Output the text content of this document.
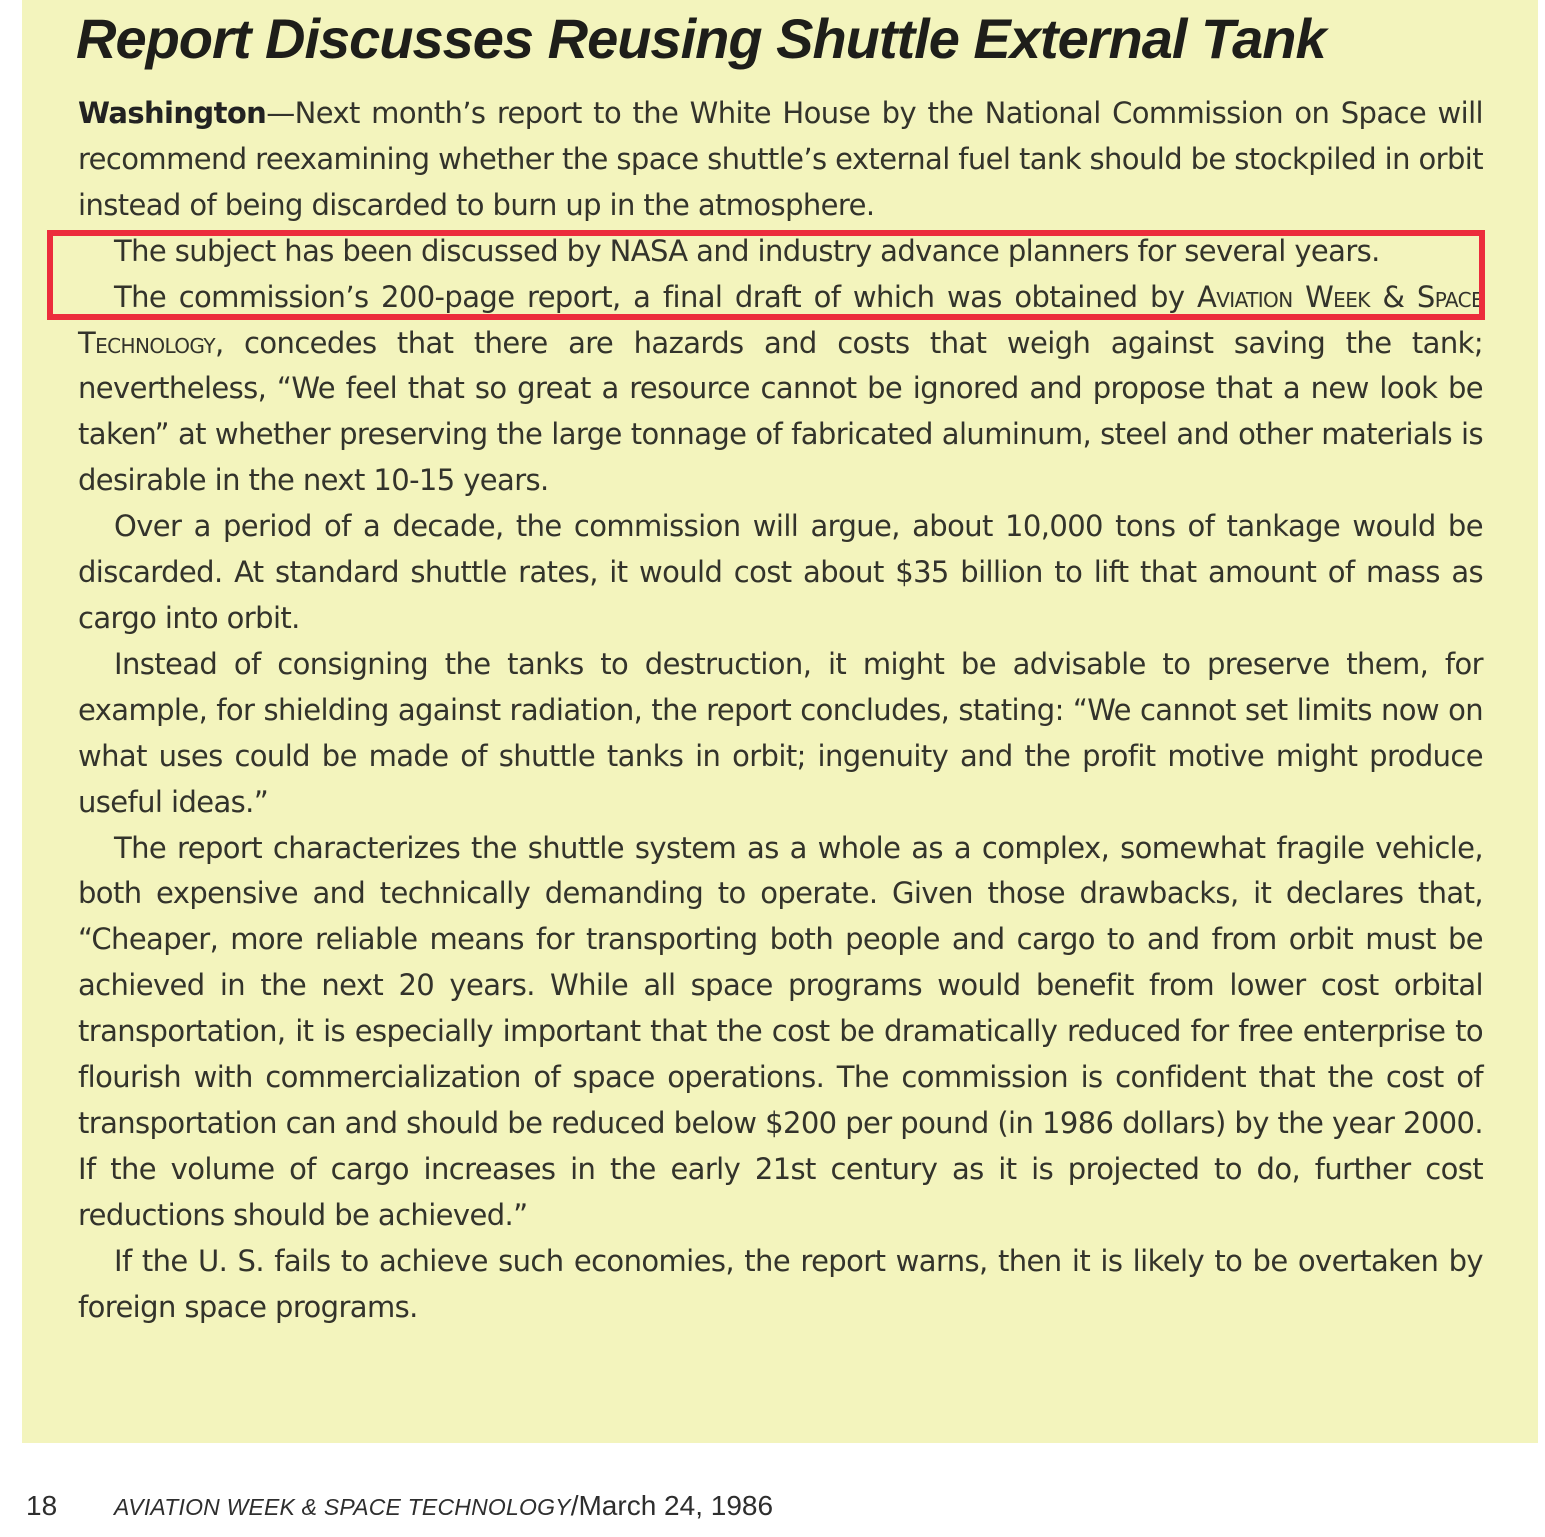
Report Discusses Reusing Shuttle External Tank

Washington—Next month’s report to the White House by the National Commission on Space will recommend reexamining whether the space shuttle’s external fuel tank should be stockpiled in orbit instead of being discarded to burn up in the atmosphere.

The subject has been discussed by NASA and industry advance planners for several years.

The commission’s 200-page report, a final draft of which was obtained by Aviation Week & Space Technology, concedes that there are hazards and costs that weigh against saving the tank; nevertheless, “We feel that so great a resource cannot be ignored and propose that a new look be taken” at whether preserving the large tonnage of fabricated aluminum, steel and other materials is desirable in the next 10-15 years.

Over a period of a decade, the commission will argue, about 10,000 tons of tankage would be discarded. At standard shuttle rates, it would cost about $35 billion to lift that amount of mass as cargo into orbit.

Instead of consigning the tanks to destruction, it might be advisable to preserve them, for example, for shielding against radiation, the report concludes, stating: “We cannot set limits now on what uses could be made of shuttle tanks in orbit; ingenuity and the profit motive might produce useful ideas.”

The report characterizes the shuttle system as a whole as a complex, somewhat fragile vehicle, both expensive and technically demanding to operate. Given those drawbacks, it declares that, “Cheaper, more reliable means for transporting both people and cargo to and from orbit must be achieved in the next 20 years. While all space programs would benefit from lower cost orbital transportation, it is especially important that the cost be dramatically reduced for free enterprise to flourish with commercialization of space operations. The commission is confident that the cost of transportation can and should be reduced below $200 per pound (in 1986 dollars) by the year 2000. If the volume of cargo increases in the early 21st century as it is projected to do, further cost reductions should be achieved.”

If the U. S. fails to achieve such economies, the report warns, then it is likely to be overtaken by foreign space programs.

18 AVIATION WEEK & SPACE TECHNOLOGY/March 24, 1986
